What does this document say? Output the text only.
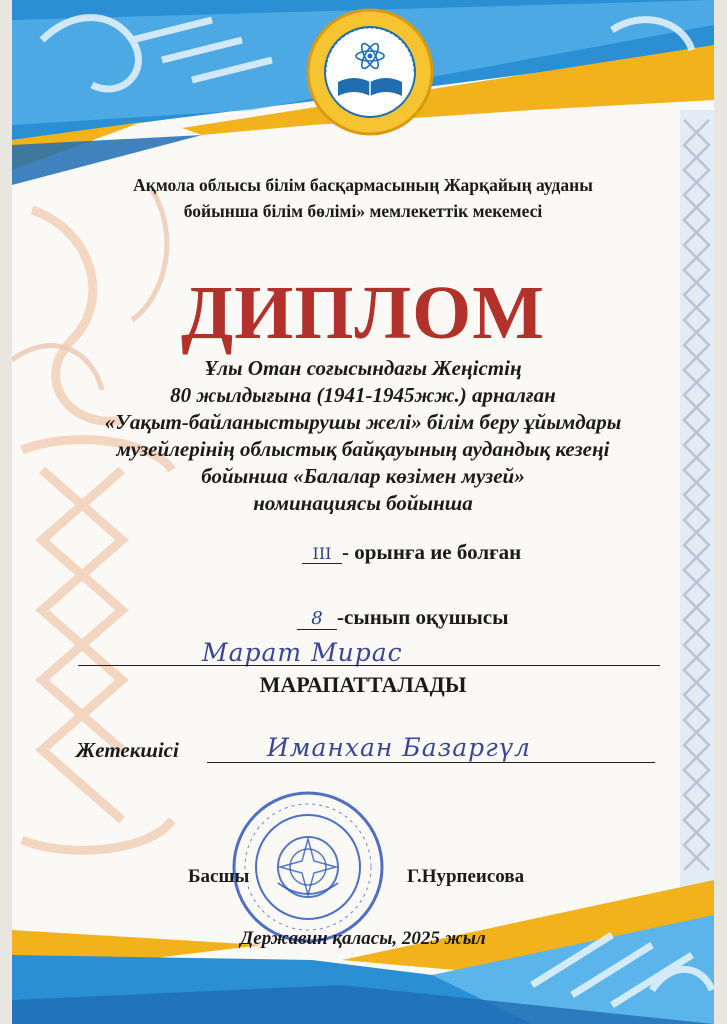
Ақмола облысы білім басқармасының Жарқайың ауданы
бойынша білім бөлімі» мемлекеттік мекемесі
ДИПЛОМ
Ұлы Отан соғысындағы Жеңістің
80 жылдығына (1941-1945жж.) арналған
«Уақыт-байланыстырушы желі» білім беру ұйымдары
музейлерінің облыстық байқауының аудандық кезеңі
бойынша «Балалар көзімен музей»
номинациясы бойынша
III - орынға ие болған
8 -сынып оқушысы
Марат Мирас
МАРАПАТТАЛАДЫ
Жетекшісі	Иманхан Базаргүл
Басшы	Г.Нурпеисова
Державин қаласы, 2025 жыл
